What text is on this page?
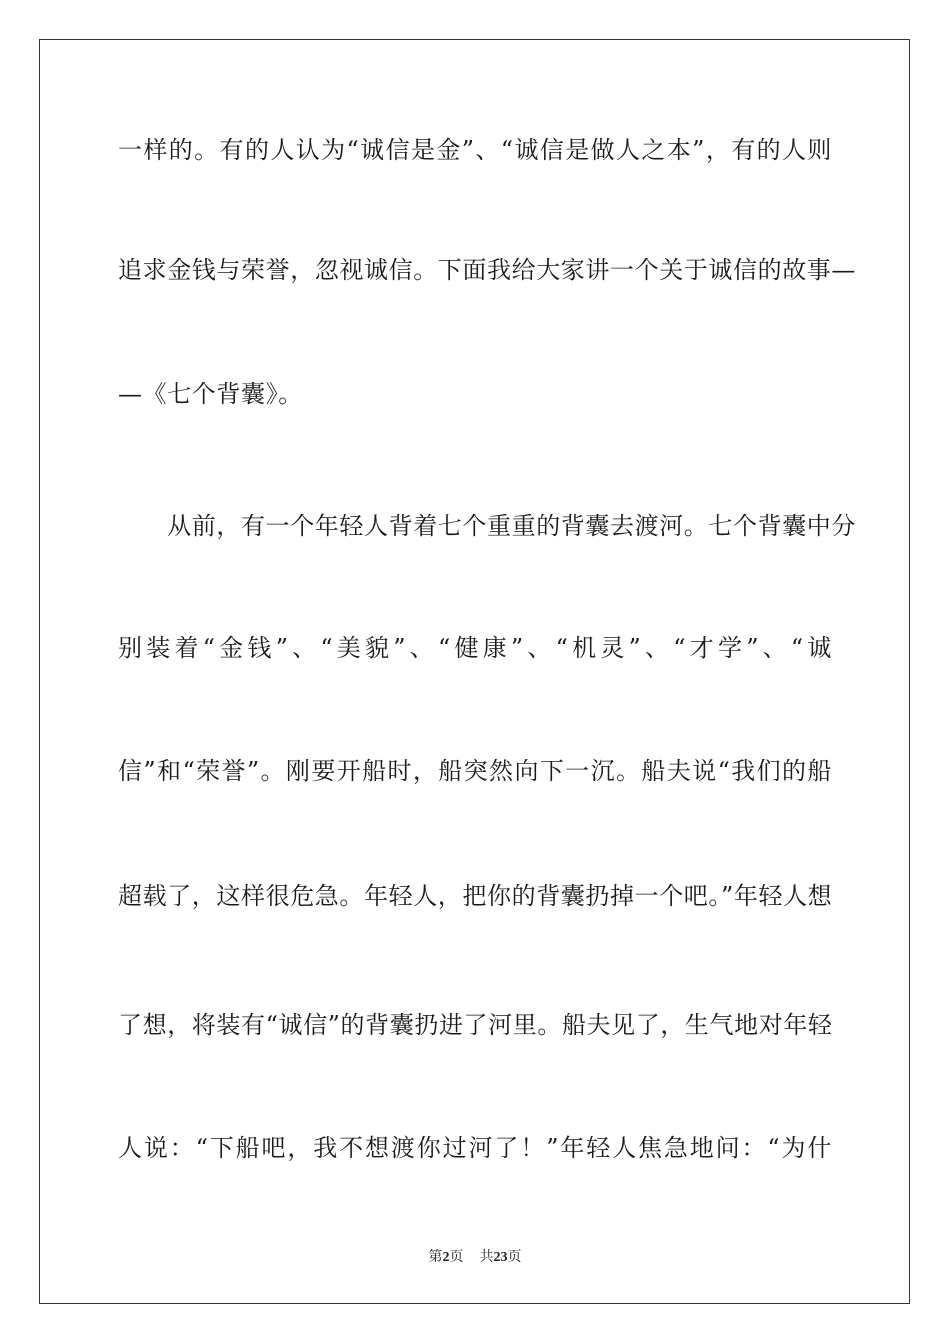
一样的。有的人认为“诚信是金”、“诚信是做人之本”，有的人则
追求金钱与荣誉，忽视诚信。下面我给大家讲一个关于诚信的故事—
—《七个背囊》。
　　从前，有一个年轻人背着七个重重的背囊去渡河。七个背囊中分
别装着“金钱”、“美貌”、“健康”、“机灵”、“才学”、“诚
信”和“荣誉”。刚要开船时，船突然向下一沉。船夫说“我们的船
超载了，这样很危急。年轻人，把你的背囊扔掉一个吧。”年轻人想
了想，将装有“诚信”的背囊扔进了河里。船夫见了，生气地对年轻
人说：“下船吧，我不想渡你过河了！”年轻人焦急地问：“为什
第2页 共23页
